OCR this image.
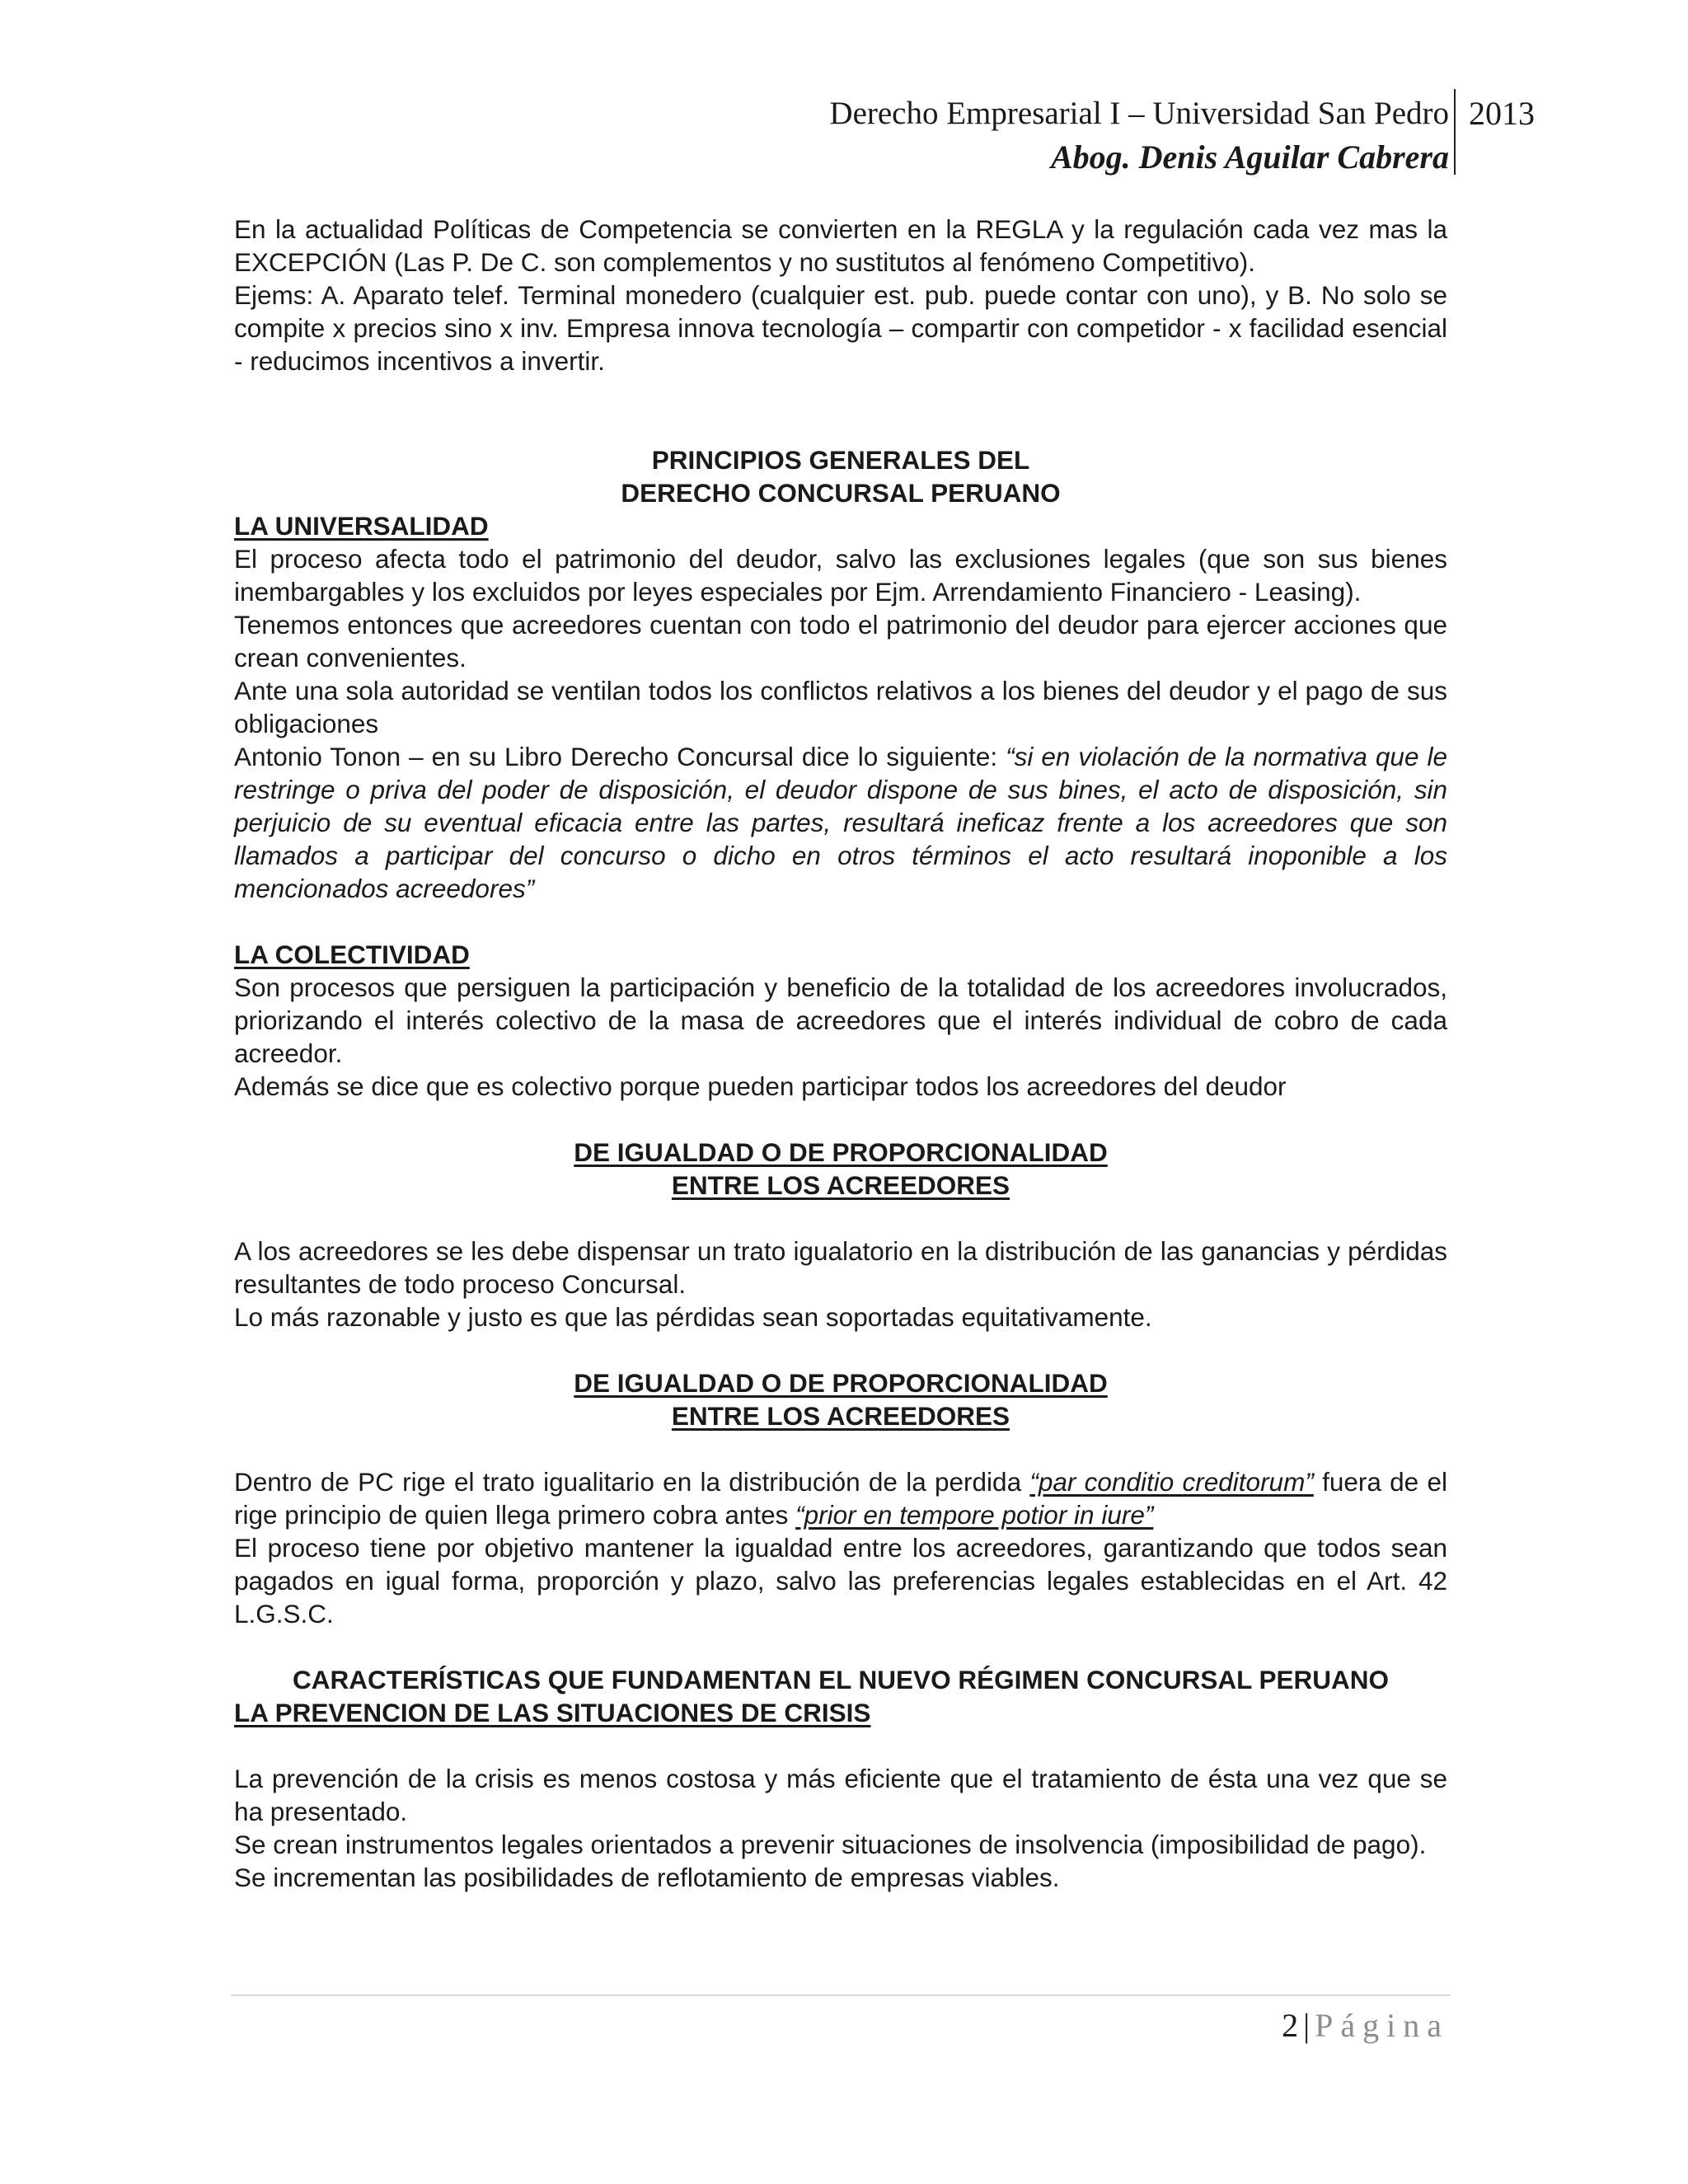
Derecho Empresarial I – Universidad San Pedro
Abog. Denis Aguilar Cabrera
2013

En la actualidad Políticas de Competencia se convierten en la REGLA y la regulación cada vez mas la EXCEPCIÓN (Las P. De C. son complementos y no sustitutos al fenómeno Competitivo).

Ejems: A. Aparato telef. Terminal monedero (cualquier est. pub. puede contar con uno), y B. No solo se compite x precios sino x inv. Empresa innova tecnología – compartir con competidor - x facilidad esencial - reducimos incentivos a invertir.

PRINCIPIOS GENERALES DEL

DERECHO CONCURSAL PERUANO

LA UNIVERSALIDAD

El proceso afecta todo el patrimonio del deudor, salvo las exclusiones legales (que son sus bienes inembargables y los excluidos por leyes especiales por Ejm. Arrendamiento Financiero - Leasing).

Tenemos entonces que acreedores cuentan con todo el patrimonio del deudor para ejercer acciones que crean convenientes.

Ante una sola autoridad se ventilan todos los conflictos relativos a los bienes del deudor y el pago de sus obligaciones

Antonio Tonon – en su Libro Derecho Concursal dice lo siguiente: “si en violación de la normativa que le restringe o priva del poder de disposición, el deudor dispone de sus bines, el acto de disposición, sin perjuicio de su eventual eficacia entre las partes, resultará ineficaz frente a los acreedores que son llamados a participar del concurso o dicho en otros términos el acto resultará inoponible a los mencionados acreedores”

LA COLECTIVIDAD

Son procesos que persiguen la participación y beneficio de la totalidad de los acreedores involucrados, priorizando el interés colectivo de la masa de acreedores que el interés individual de cobro de cada acreedor.

Además se dice que es colectivo porque pueden participar todos los acreedores del deudor

DE IGUALDAD O DE PROPORCIONALIDAD

ENTRE LOS ACREEDORES

A los acreedores se les debe dispensar un trato igualatorio en la distribución de las ganancias y pérdidas resultantes de todo proceso Concursal.

Lo más razonable y justo es que las pérdidas sean soportadas equitativamente.

DE IGUALDAD O DE PROPORCIONALIDAD

ENTRE LOS ACREEDORES

Dentro de PC rige el trato igualitario en la distribución de la perdida “par conditio creditorum” fuera de el rige principio de quien llega primero cobra antes “prior en tempore potior in iure”

El proceso tiene por objetivo mantener la igualdad entre los acreedores, garantizando que todos sean pagados en igual forma, proporción y plazo, salvo las preferencias legales establecidas en el Art. 42 L.G.S.C.

CARACTERÍSTICAS QUE FUNDAMENTAN EL NUEVO RÉGIMEN CONCURSAL PERUANO

LA PREVENCION DE LAS SITUACIONES DE CRISIS

La prevención de la crisis es menos costosa y más eficiente que el tratamiento de ésta una vez que se ha presentado.

Se crean instrumentos legales orientados a prevenir situaciones de insolvencia (imposibilidad de pago).

Se incrementan las posibilidades de reflotamiento de empresas viables.

2 | Página
